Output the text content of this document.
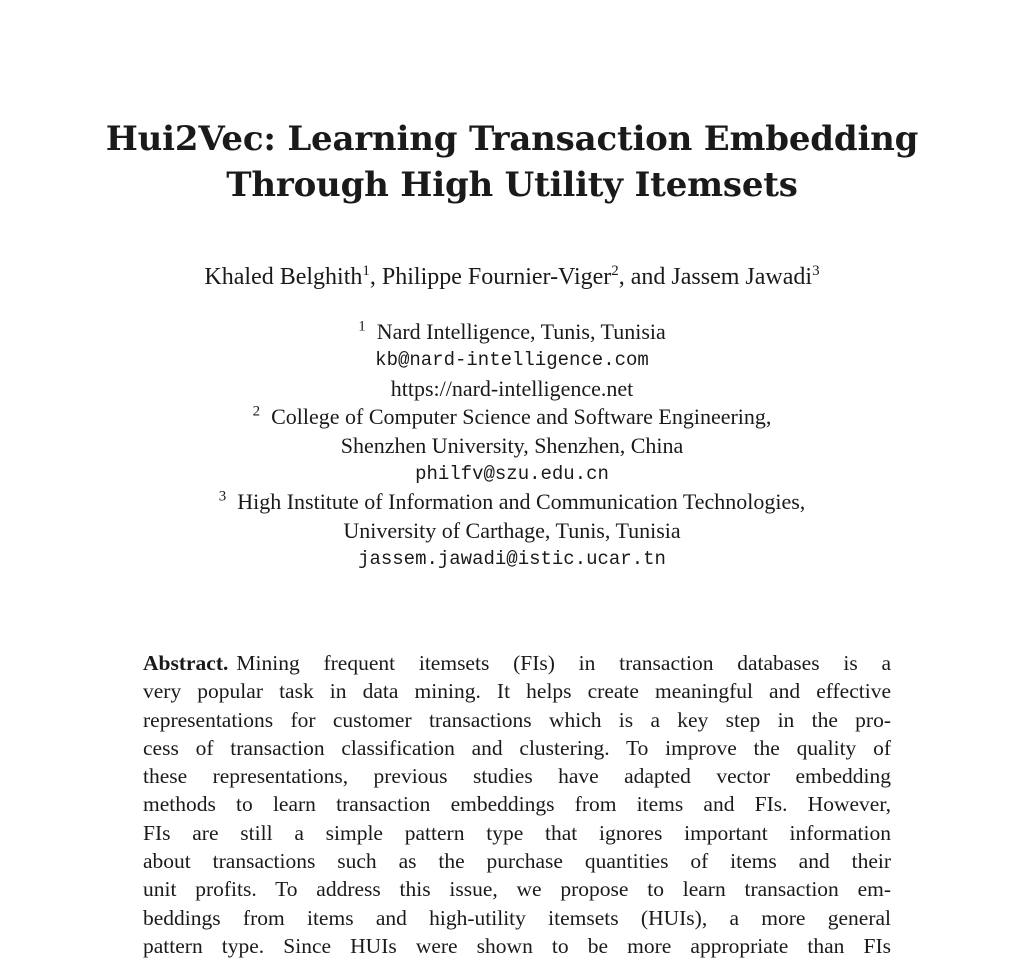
Hui2Vec: Learning Transaction Embedding
Through High Utility Itemsets
Khaled Belghith$^1$, Philippe Fournier-Viger$^2$, and Jassem Jawadi$^3$
$^1$ Nard Intelligence, Tunis, Tunisia
kb@nard-intelligence.com
https://nard-intelligence.net
$^2$ College of Computer Science and Software Engineering,
Shenzhen University, Shenzhen, China
philfv@szu.edu.cn
$^3$ High Institute of Information and Communication Technologies,
University of Carthage, Tunis, Tunisia
jassem.jawadi@istic.ucar.tn
Abstract. Mining frequent itemsets (FIs) in transaction databases is a
very popular task in data mining. It helps create meaningful and effective
representations for customer transactions which is a key step in the pro-
cess of transaction classification and clustering. To improve the quality of
these representations, previous studies have adapted vector embedding
methods to learn transaction embeddings from items and FIs. However,
FIs are still a simple pattern type that ignores important information
about transactions such as the purchase quantities of items and their
unit profits. To address this issue, we propose to learn transaction em-
beddings from items and high-utility itemsets (HUIs), a more general
pattern type. Since HUIs were shown to be more appropriate than FIs
